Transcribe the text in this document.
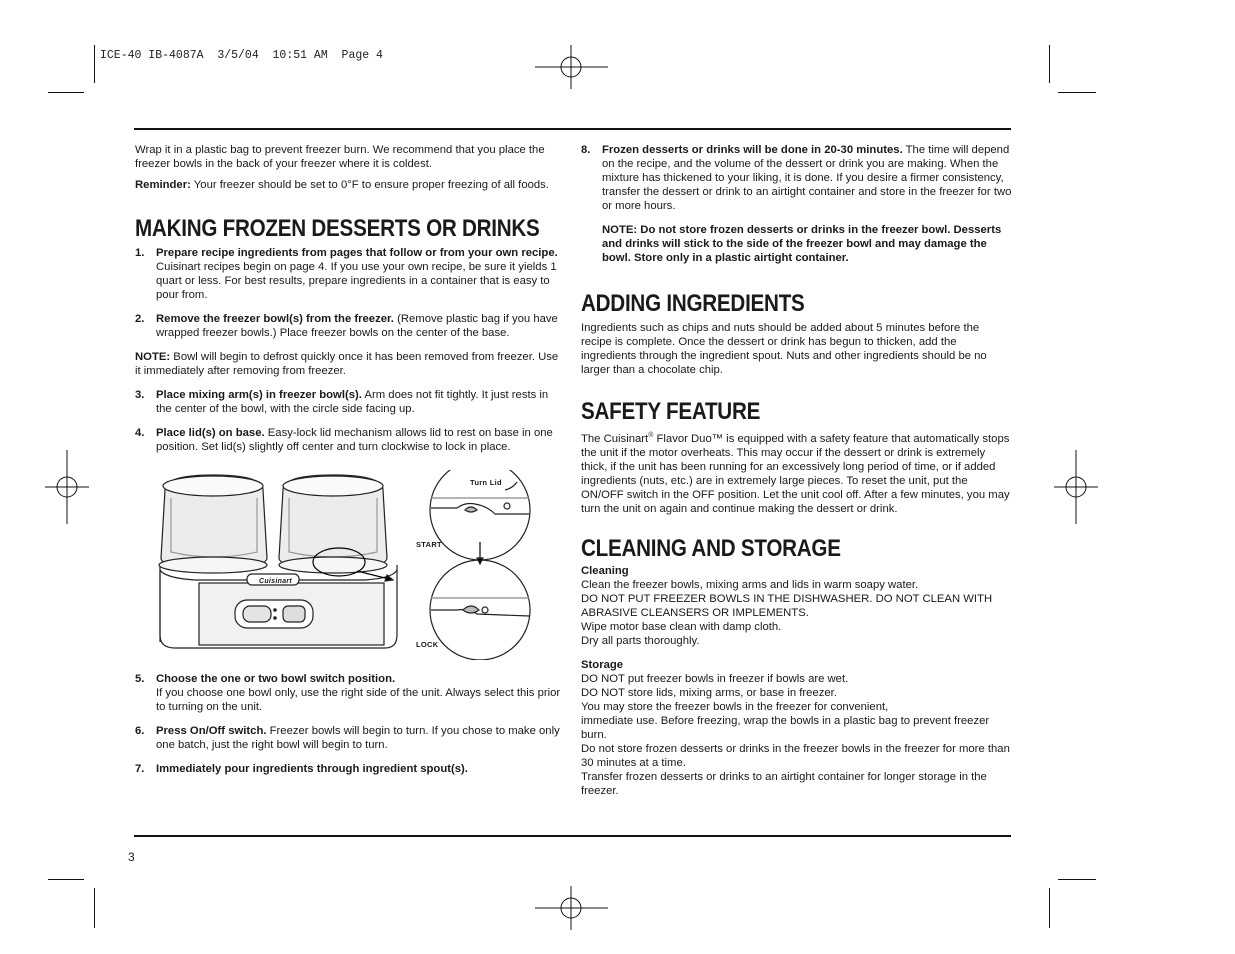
ICE-40 IB-4087A  3/5/04  10:51 AM  Page 4

Wrap it in a plastic bag to prevent freezer burn. We recommend that you place the freezer bowls in the back of your freezer where it is coldest.

Reminder: Your freezer should be set to 0°F to ensure proper freezing of all foods.

MAKING FROZEN DESSERTS OR DRINKS
1. Prepare recipe ingredients from pages that follow or from your own recipe. Cuisinart recipes begin on page 4. If you use your own recipe, be sure it yields 1 quart or less. For best results, prepare ingredients in a container that is easy to pour from.
2. Remove the freezer bowl(s) from the freezer. (Remove plastic bag if you have wrapped freezer bowls.) Place freezer bowls on the center of the base.

NOTE: Bowl will begin to defrost quickly once it has been removed from freezer. Use it immediately after removing from freezer.

3. Place mixing arm(s) in freezer bowl(s). Arm does not fit tightly. It just rests in the center of the bowl, with the circle side facing up.
4. Place lid(s) on base. Easy-lock lid mechanism allows lid to rest on base in one position. Set lid(s) slightly off center and turn clockwise to lock in place.
Turn Lid
START
LOCK
Cuisinart
5. Choose the one or two bowl switch position.
If you choose one bowl only, use the right side of the unit. Always select this prior to turning on the unit.
6. Press On/Off switch. Freezer bowls will begin to turn. If you chose to make only one batch, just the right bowl will begin to turn.
7. Immediately pour ingredients through ingredient spout(s).
8. Frozen desserts or drinks will be done in 20-30 minutes. The time will depend on the recipe, and the volume of the dessert or drink you are making. When the mixture has thickened to your liking, it is done. If you desire a firmer consistency, transfer the dessert or drink to an airtight container and store in the freezer for two or more hours.

NOTE: Do not store frozen desserts or drinks in the freezer bowl. Desserts and drinks will stick to the side of the freezer bowl and may damage the bowl. Store only in a plastic airtight container.

ADDING INGREDIENTS

Ingredients such as chips and nuts should be added about 5 minutes before the recipe is complete. Once the dessert or drink has begun to thicken, add the ingredients through the ingredient spout. Nuts and other ingredients should be no larger than a chocolate chip.

SAFETY FEATURE

The Cuisinart® Flavor Duo™ is equipped with a safety feature that automatically stops the unit if the motor overheats. This may occur if the dessert or drink is extremely thick, if the unit has been running for an excessively long period of time, or if added ingredients (nuts, etc.) are in extremely large pieces. To reset the unit, put the ON/OFF switch in the OFF position. Let the unit cool off. After a few minutes, you may turn the unit on again and continue making the dessert or drink.

CLEANING AND STORAGE

Cleaning

Clean the freezer bowls, mixing arms and lids in warm soapy water.

DO NOT PUT FREEZER BOWLS IN THE DISHWASHER. DO NOT CLEAN WITH ABRASIVE CLEANSERS OR IMPLEMENTS.

Wipe motor base clean with damp cloth.

Dry all parts thoroughly.

Storage

DO NOT put freezer bowls in freezer if bowls are wet.

DO NOT store lids, mixing arms, or base in freezer.

You may store the freezer bowls in the freezer for convenient,

immediate use. Before freezing, wrap the bowls in a plastic bag to prevent freezer burn.

Do not store frozen desserts or drinks in the freezer bowls in the freezer for more than 30 minutes at a time.

Transfer frozen desserts or drinks to an airtight container for longer storage in the freezer.

3
